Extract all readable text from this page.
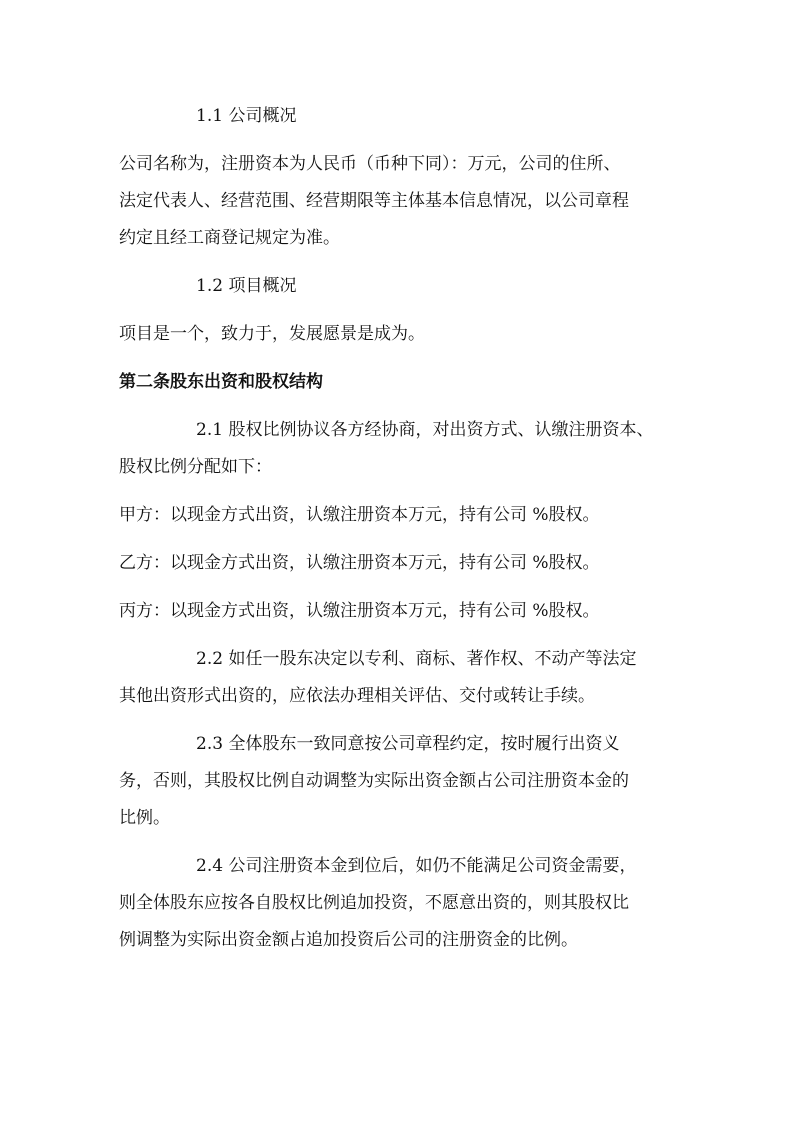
1.1 公司概况

公司名称为，注册资本为人民币（币种下同）：万元，公司的住所、

法定代表人、经营范围、经营期限等主体基本信息情况，以公司章程

约定且经工商登记规定为准。

1.2 项目概况

项目是一个，致力于，发展愿景是成为。

第二条股东出资和股权结构

2.1 股权比例协议各方经协商，对出资方式、认缴注册资本、

股权比例分配如下：

甲方：以现金方式出资，认缴注册资本万元，持有公司 %股权。

乙方：以现金方式出资，认缴注册资本万元，持有公司 %股权。

丙方：以现金方式出资，认缴注册资本万元，持有公司 %股权。

2.2 如任一股东决定以专利、商标、著作权、不动产等法定

其他出资形式出资的，应依法办理相关评估、交付或转让手续。

2.3 全体股东一致同意按公司章程约定，按时履行出资义

务，否则，其股权比例自动调整为实际出资金额占公司注册资本金的

比例。

2.4 公司注册资本金到位后，如仍不能满足公司资金需要，

则全体股东应按各自股权比例追加投资，不愿意出资的，则其股权比

例调整为实际出资金额占追加投资后公司的注册资金的比例。
